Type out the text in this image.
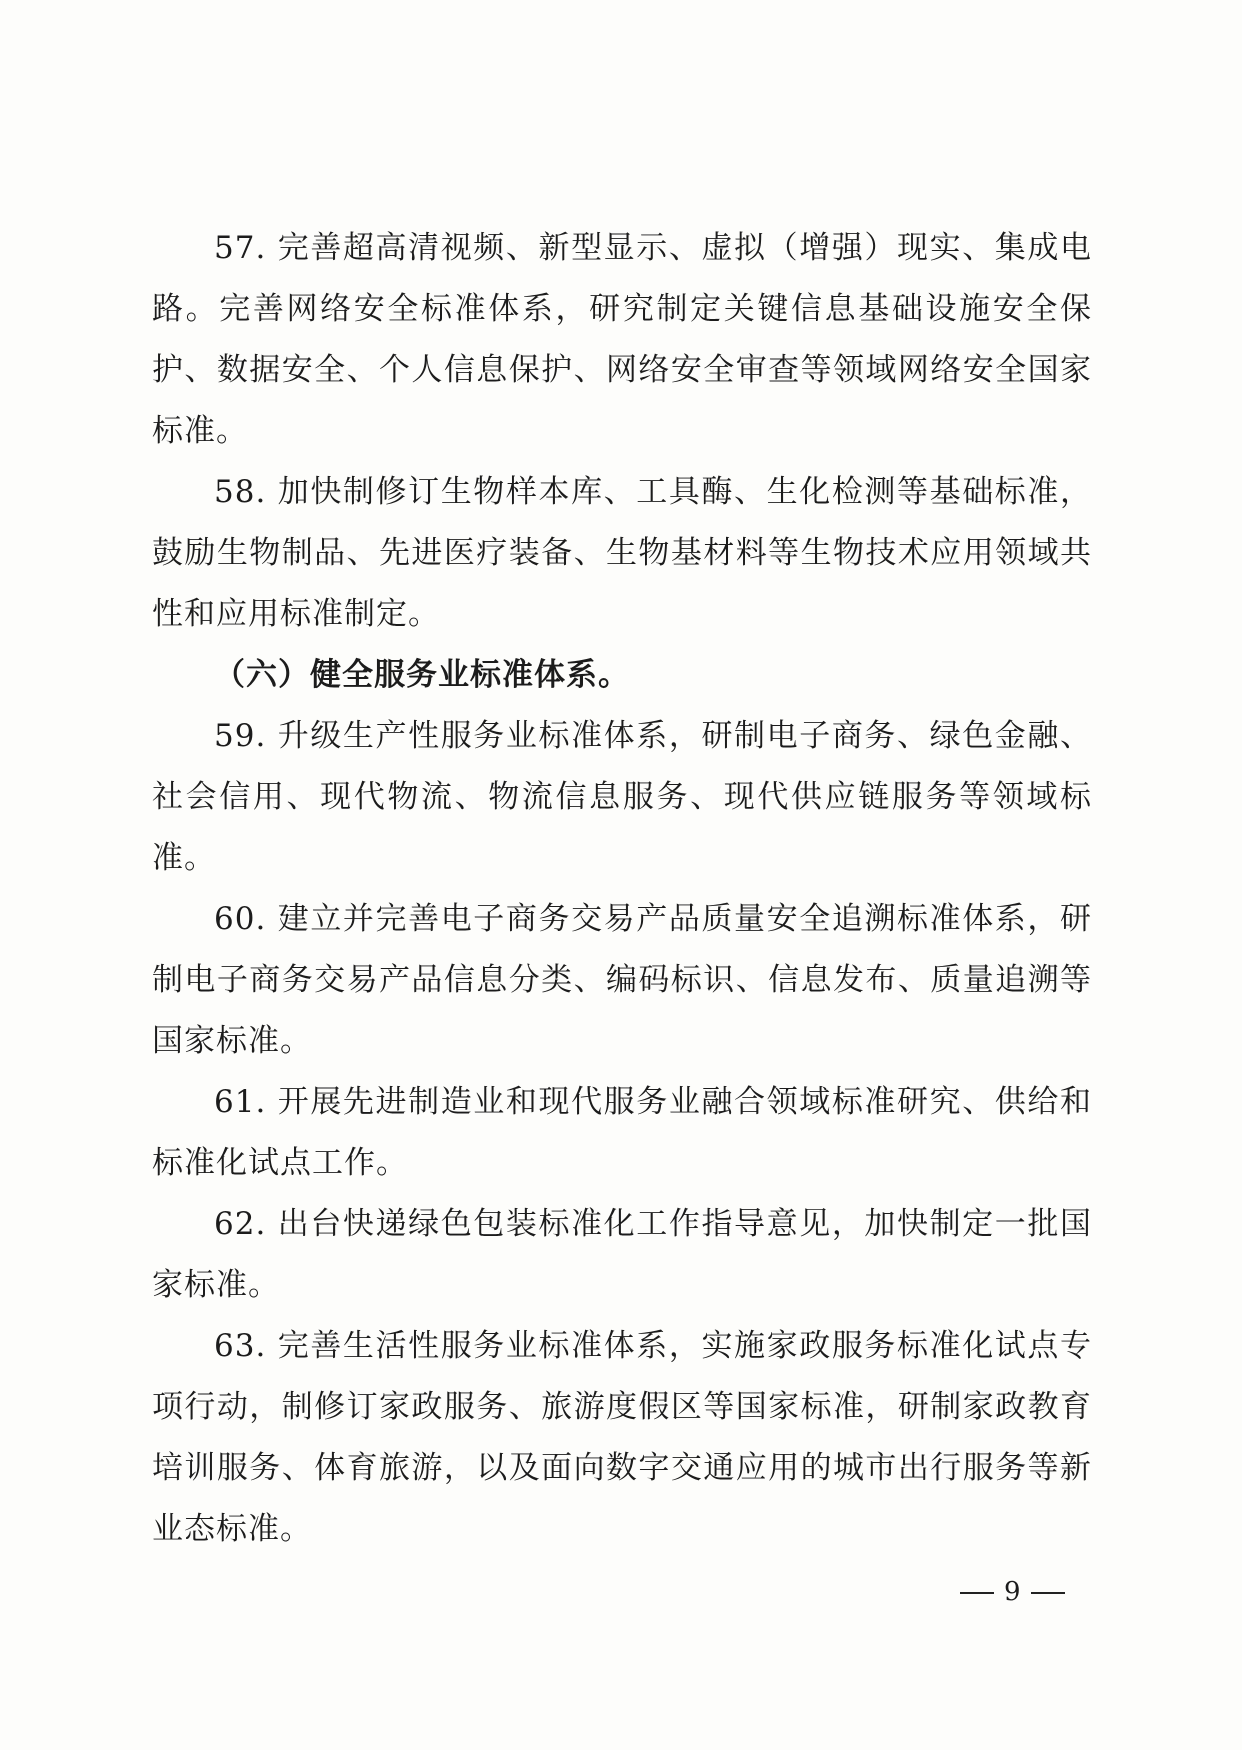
57. 完善超高清视频、新型显示、虚拟（增强）现实、集成电路。完善网络安全标准体系，研究制定关键信息基础设施安全保护、数据安全、个人信息保护、网络安全审查等领域网络安全国家标准。

58. 加快制修订生物样本库、工具酶、生化检测等基础标准，鼓励生物制品、先进医疗装备、生物基材料等生物技术应用领域共性和应用标准制定。

（六）健全服务业标准体系。

59. 升级生产性服务业标准体系，研制电子商务、绿色金融、社会信用、现代物流、物流信息服务、现代供应链服务等领域标准。

60. 建立并完善电子商务交易产品质量安全追溯标准体系，研制电子商务交易产品信息分类、编码标识、信息发布、质量追溯等国家标准。

61. 开展先进制造业和现代服务业融合领域标准研究、供给和标准化试点工作。

62. 出台快递绿色包装标准化工作指导意见，加快制定一批国家标准。

63. 完善生活性服务业标准体系，实施家政服务标准化试点专项行动，制修订家政服务、旅游度假区等国家标准，研制家政教育培训服务、体育旅游，以及面向数字交通应用的城市出行服务等新业态标准。

9
